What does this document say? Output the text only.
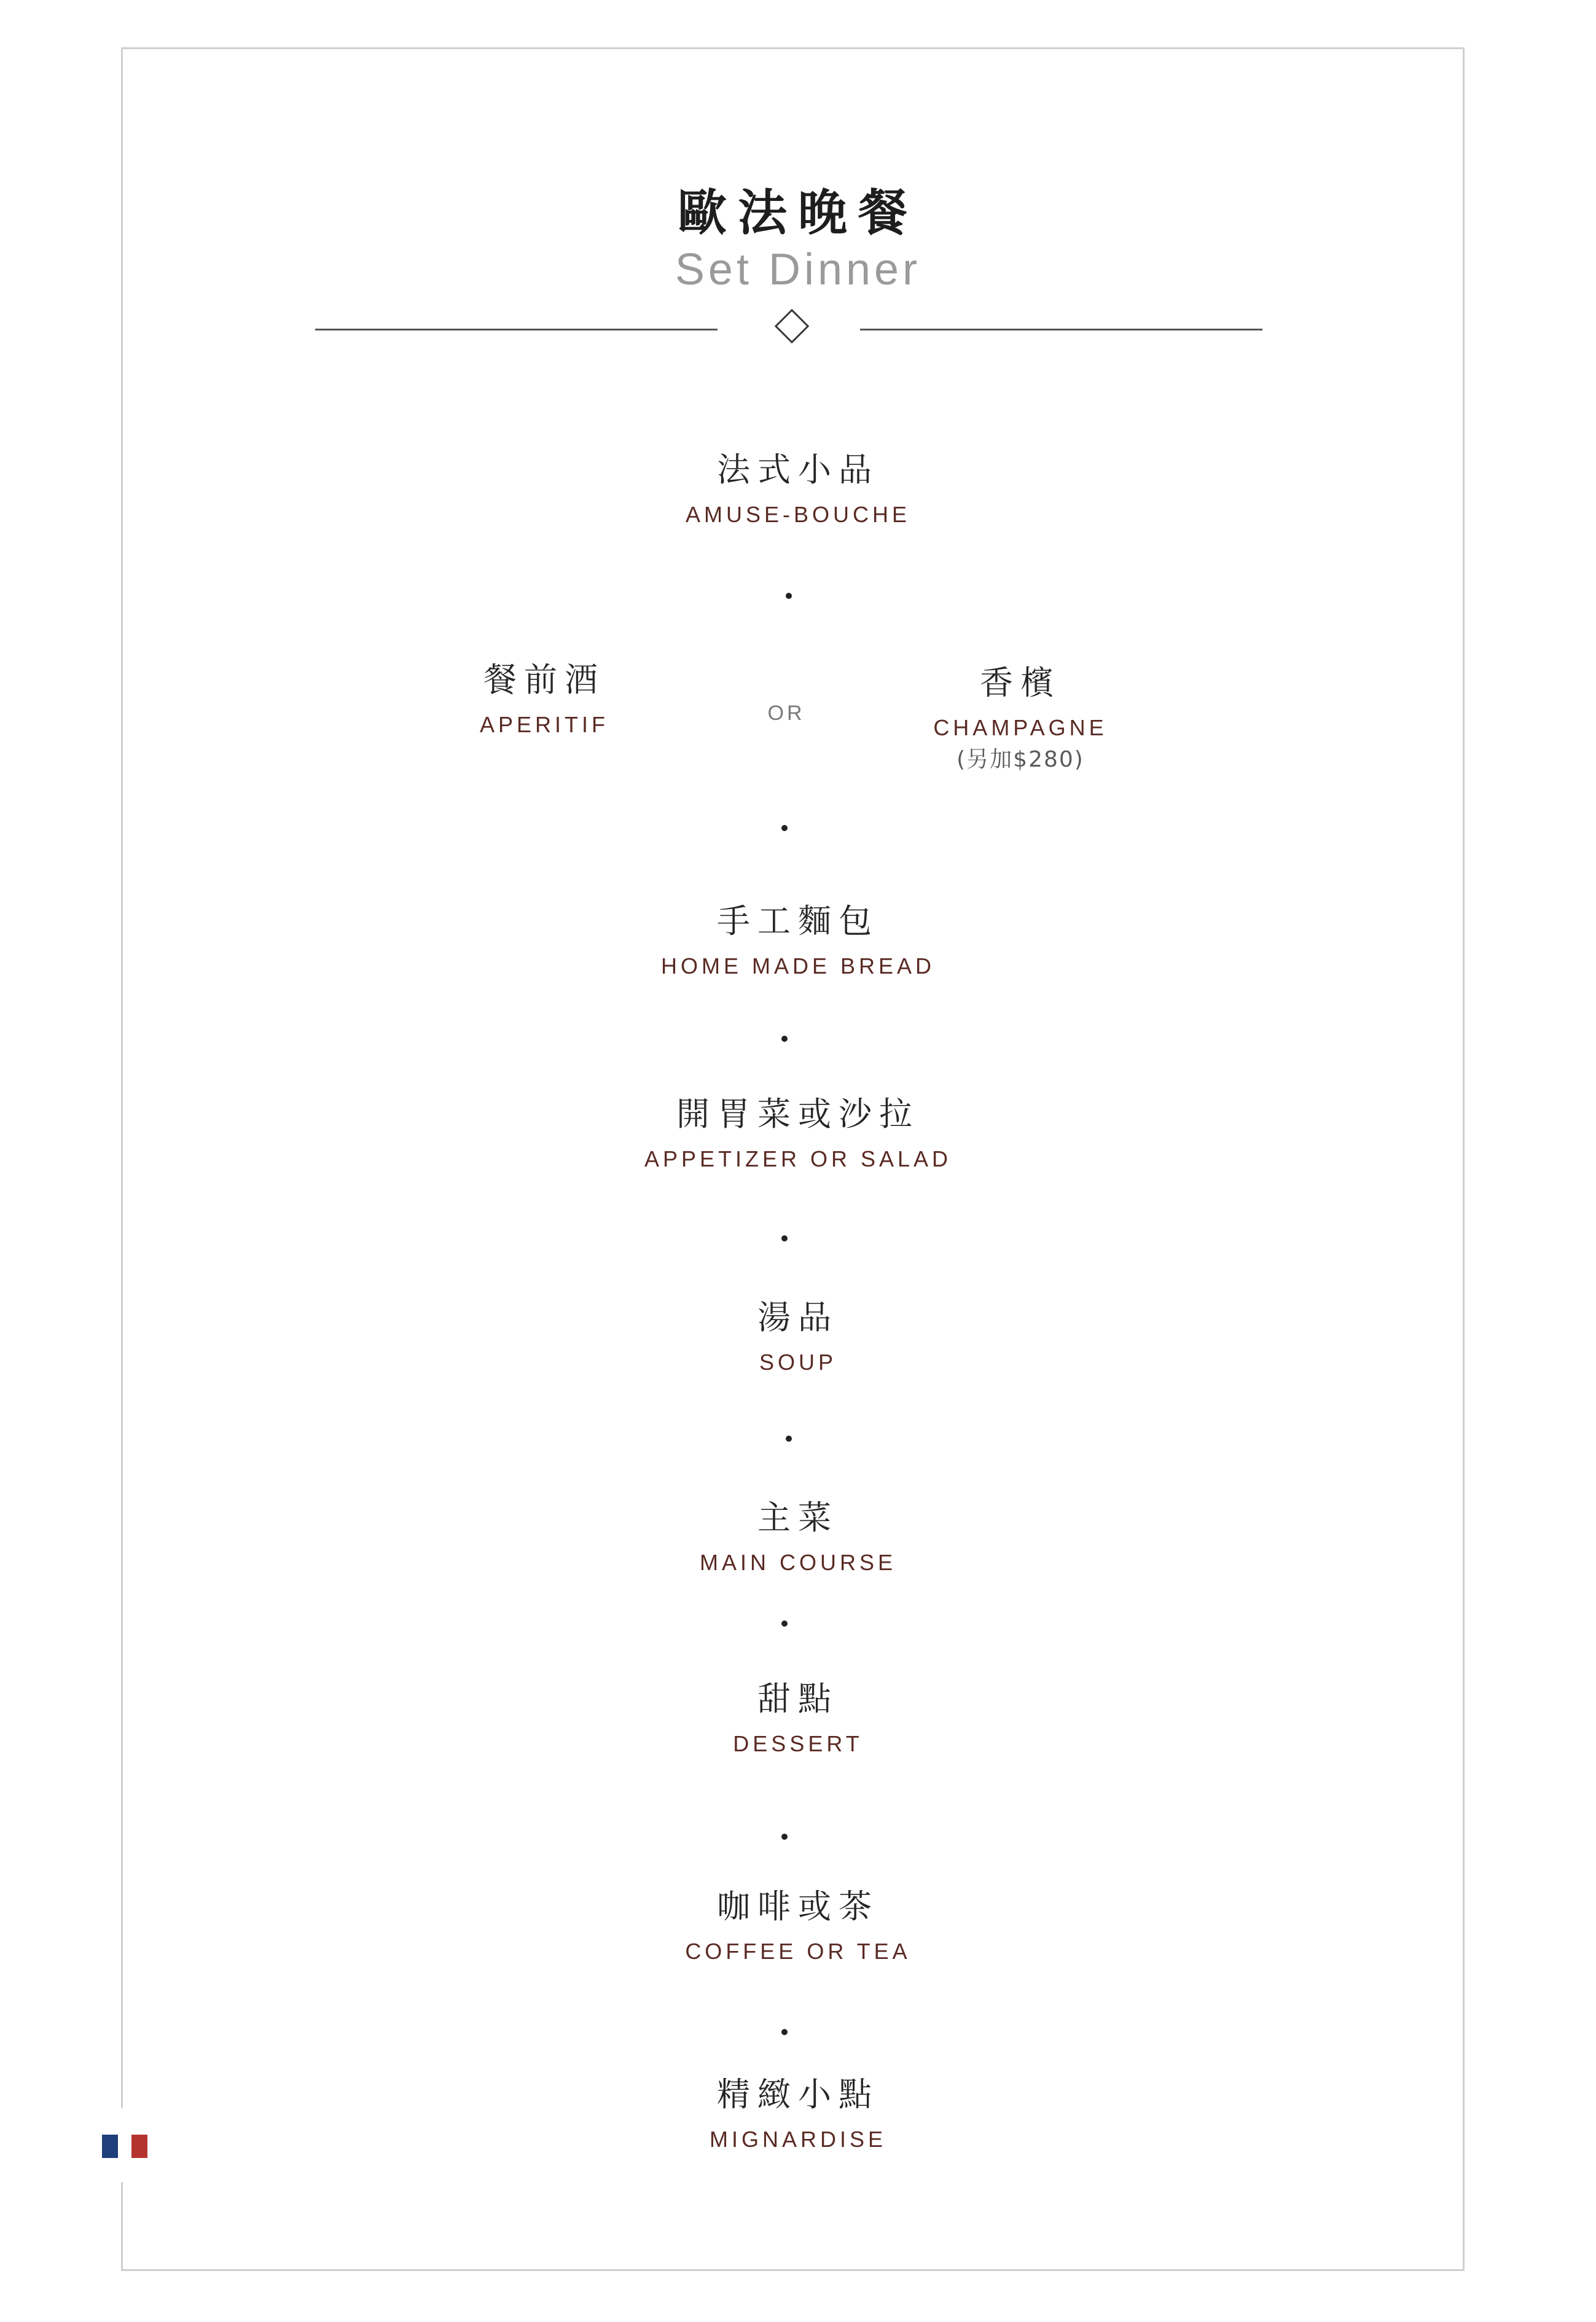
歐法晚餐
Set Dinner
法式小品
AMUSE-BOUCHE
餐前酒
APERITIF	OR
香檳
CHAMPAGNE
(另加$280)
手工麵包
HOME MADE BREAD
開胃菜或沙拉
APPETIZER OR SALAD
湯品
SOUP
主菜
MAIN COURSE
甜點
DESSERT
咖啡或茶
COFFEE OR TEA
精緻小點
MIGNARDISE
